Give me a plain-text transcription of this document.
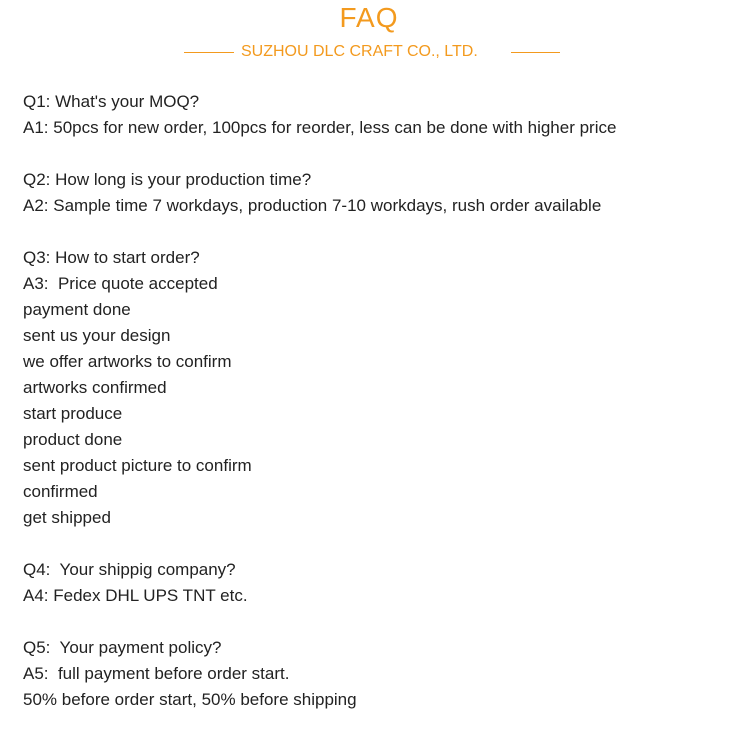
FAQ
SUZHOU DLC CRAFT CO., LTD.
Q1: What's your MOQ?
A1: 50pcs for new order, 100pcs for reorder, less can be done with higher price
Q2: How long is your production time?
A2: Sample time 7 workdays, production 7-10 workdays, rush order available
Q3: How to start order?
A3:  Price quote accepted
payment done
sent us your design
we offer artworks to confirm
artworks confirmed
start produce
product done
sent product picture to confirm
confirmed
get shipped
Q4:  Your shippig company?
A4: Fedex DHL UPS TNT etc.
Q5:  Your payment policy?
A5:  full payment before order start.
50% before order start, 50% before shipping
